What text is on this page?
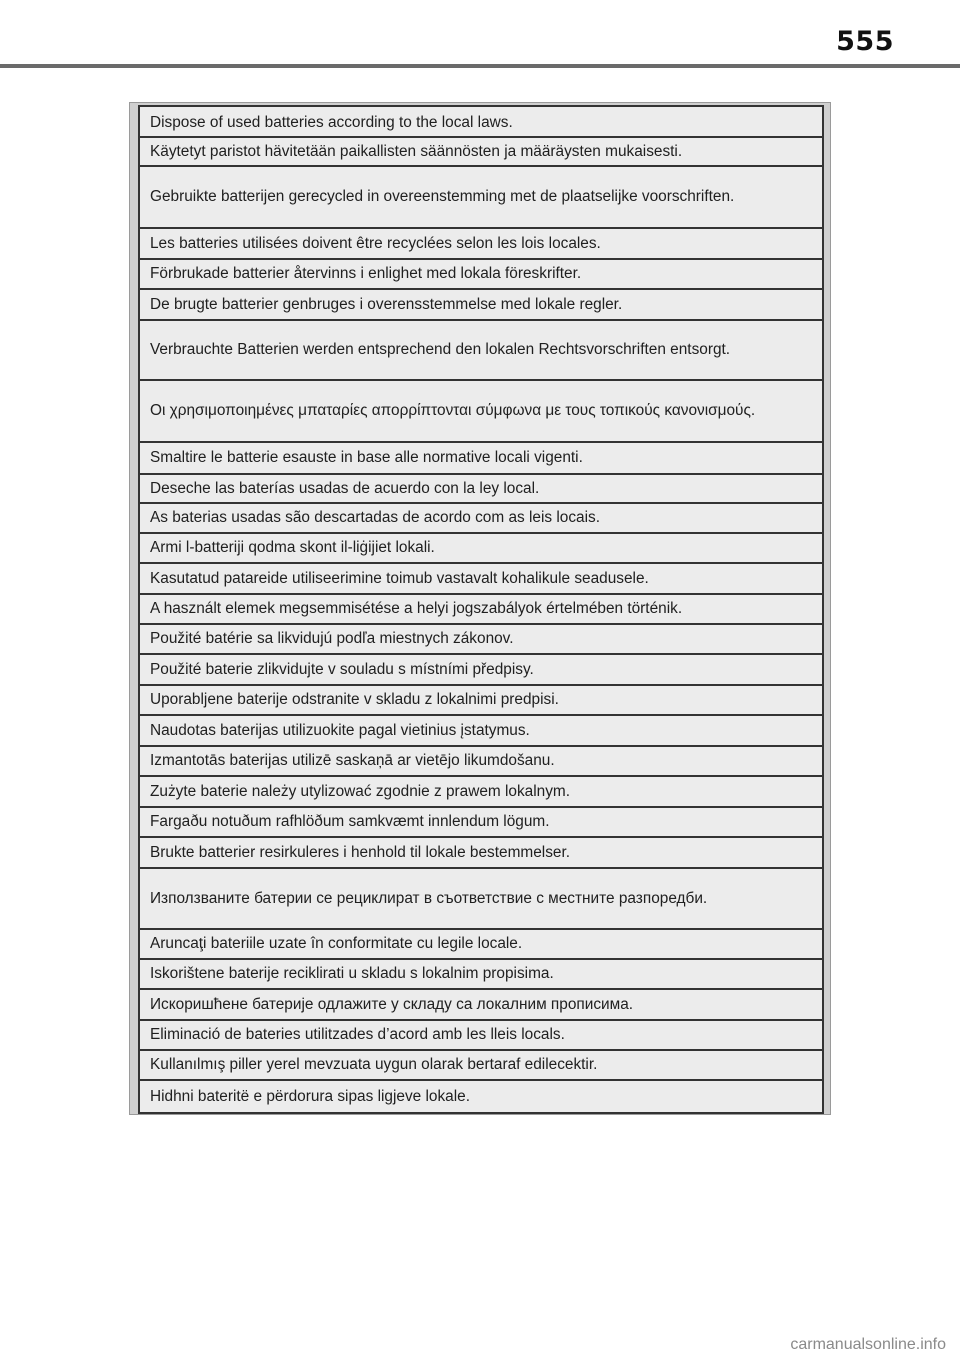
555
Dispose of used batteries according to the local laws.
Käytetyt paristot hävitetään paikallisten säännösten ja määräysten mukaisesti.
Gebruikte batterijen gerecycled in overeenstemming met de plaatselijke voorschriften.
Les batteries utilisées doivent être recyclées selon les lois locales.
Förbrukade batterier återvinns i enlighet med lokala föreskrifter.
De brugte batterier genbruges i overensstemmelse med lokale regler.
Verbrauchte Batterien werden entsprechend den lokalen Rechtsvorschriften entsorgt.
Οι χρησιμοποιημένες μπαταρίες απορρίπτονται σύμφωνα με τους τοπικούς κανονισμούς.
Smaltire le batterie esauste in base alle normative locali vigenti.
Deseche las baterías usadas de acuerdo con la ley local.
As baterias usadas são descartadas de acordo com as leis locais.
Armi l-batteriji qodma skont il-liġijiet lokali.
Kasutatud patareide utiliseerimine toimub vastavalt kohalikule seadusele.
A használt elemek megsemmisétése a helyi jogszabályok értelmében történik.
Použité batérie sa likvidujú podľa miestnych zákonov.
Použité baterie zlikvidujte v souladu s místními předpisy.
Uporabljene baterije odstranite v skladu z lokalnimi predpisi.
Naudotas baterijas utilizuokite pagal vietinius įstatymus.
Izmantotās baterijas utilizē saskaņā ar vietējo likumdošanu.
Zużyte baterie należy utylizować zgodnie z prawem lokalnym.
Fargaðu notuðum rafhlöðum samkvæmt innlendum lögum.
Brukte batterier resirkuleres i henhold til lokale bestemmelser.
Използваните батерии се рециклират в съответствие с местните разпоредби.
Aruncaţi bateriile uzate în conformitate cu legile locale.
Iskorištene baterije reciklirati u skladu s lokalnim propisima.
Искоришћене батерије одлажите у складу са локалним прописима.
Eliminació de bateries utilitzades d’acord amb les lleis locals.
Kullanılmış piller yerel mevzuata uygun olarak bertaraf edilecektir.
Hidhni bateritë e përdorura sipas ligjeve lokale.
carmanualsonline.info
